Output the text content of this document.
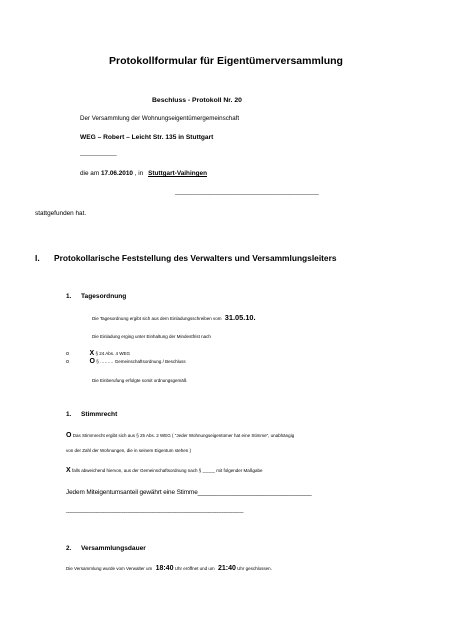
Protokollformular für Eigentümerversammlung
Beschluss - Protokoll Nr. 20
Der Versammlung der Wohnungseigentümergemeinschaft
WEG – Robert – Leicht Str. 135 in Stuttgart
____________
die am 17.06.2010 , in Stuttgart-Vaihingen
____________________________________________________
stattgefunden hat.
I. Protokollarische Feststellung des Verwalters und Versammlungsleiters
1. Tagesordnung
Die Tagesordnung ergibt sich aus dem Einladungsschreiben vom 31.05.10.
Die Einladung erging unter Einhaltung der Mindestfrist nach
o	X § 24 Abs. 4 WEG
o	O § ……… Gemeinschaftsordnung / Beschluss
Die Einberufung erfolgte somit ordnungsgemäß
1. Stimmrecht
O Das Stimmrecht ergibt sich aus § 25 Abs. 2 WEG ( "Jeder Wohnungseigentümer hat eine Stimme", unabhängig
von der Zahl der Wohnungen, die in seinem Eigentum stehen )
X falls abweichend hiervon, aus der Gemeinschaftsordnung nach § _____ mit folgender Maßgabe
Jedem Miteigentumsanteil gewährt eine Stimme_________________________________
____________________________________________________________________________
2. Versammlungsdauer
Die Versammlung wurde vom Verwalter um 18:40 Uhr eröffnet und um 21:40 Uhr geschlossen.
